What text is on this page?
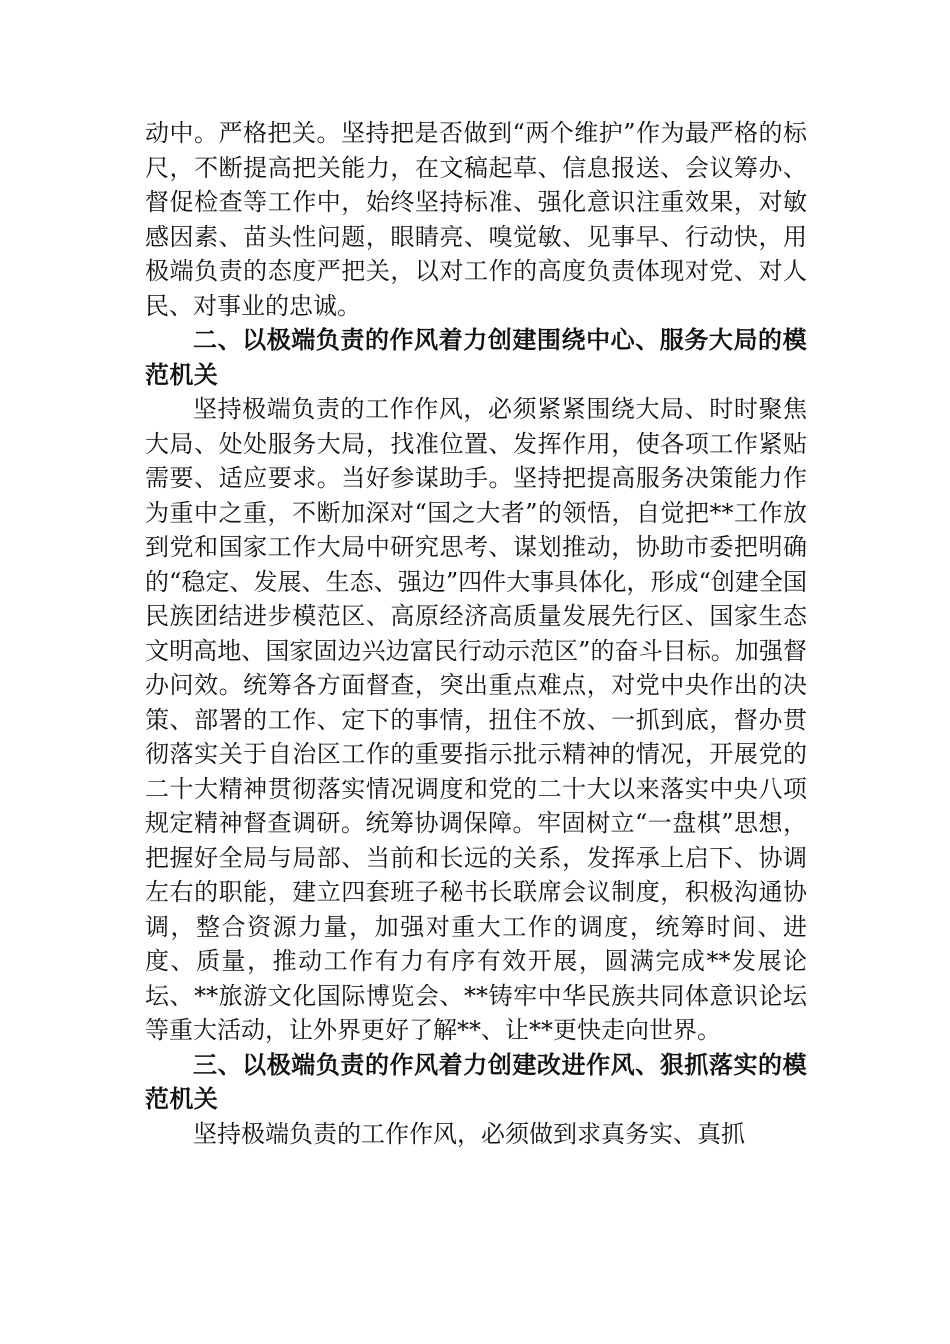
动中。严格把关。坚持把是否做到“两个维护”作为最严格的标尺，不断提高把关能力，在文稿起草、信息报送、会议筹办、督促检查等工作中，始终坚持标准、强化意识注重效果，对敏感因素、苗头性问题，眼睛亮、嗅觉敏、见事早、行动快，用极端负责的态度严把关，以对工作的高度负责体现对党、对人民、对事业的忠诚。

二、以极端负责的作风着力创建围绕中心、服务大局的模范机关

坚持极端负责的工作作风，必须紧紧围绕大局、时时聚焦大局、处处服务大局，找准位置、发挥作用，使各项工作紧贴需要、适应要求。当好参谋助手。坚持把提高服务决策能力作为重中之重，不断加深对“国之大者”的领悟，自觉把**工作放到党和国家工作大局中研究思考、谋划推动，协助市委把明确的“稳定、发展、生态、强边”四件大事具体化，形成“创建全国民族团结进步模范区、高原经济高质量发展先行区、国家生态文明高地、国家固边兴边富民行动示范区”的奋斗目标。加强督办问效。统筹各方面督查，突出重点难点，对党中央作出的决策、部署的工作、定下的事情，扭住不放、一抓到底，督办贯彻落实关于自治区工作的重要指示批示精神的情况，开展党的二十大精神贯彻落实情况调度和党的二十大以来落实中央八项规定精神督查调研。统筹协调保障。牢固树立“一盘棋”思想，把握好全局与局部、当前和长远的关系，发挥承上启下、协调左右的职能，建立四套班子秘书长联席会议制度，积极沟通协调，整合资源力量，加强对重大工作的调度，统筹时间、进度、质量，推动工作有力有序有效开展，圆满完成**发展论坛、**旅游文化国际博览会、**铸牢中华民族共同体意识论坛等重大活动，让外界更好了解**、让**更快走向世界。

三、以极端负责的作风着力创建改进作风、狠抓落实的模范机关

坚持极端负责的工作作风，必须做到求真务实、真抓
